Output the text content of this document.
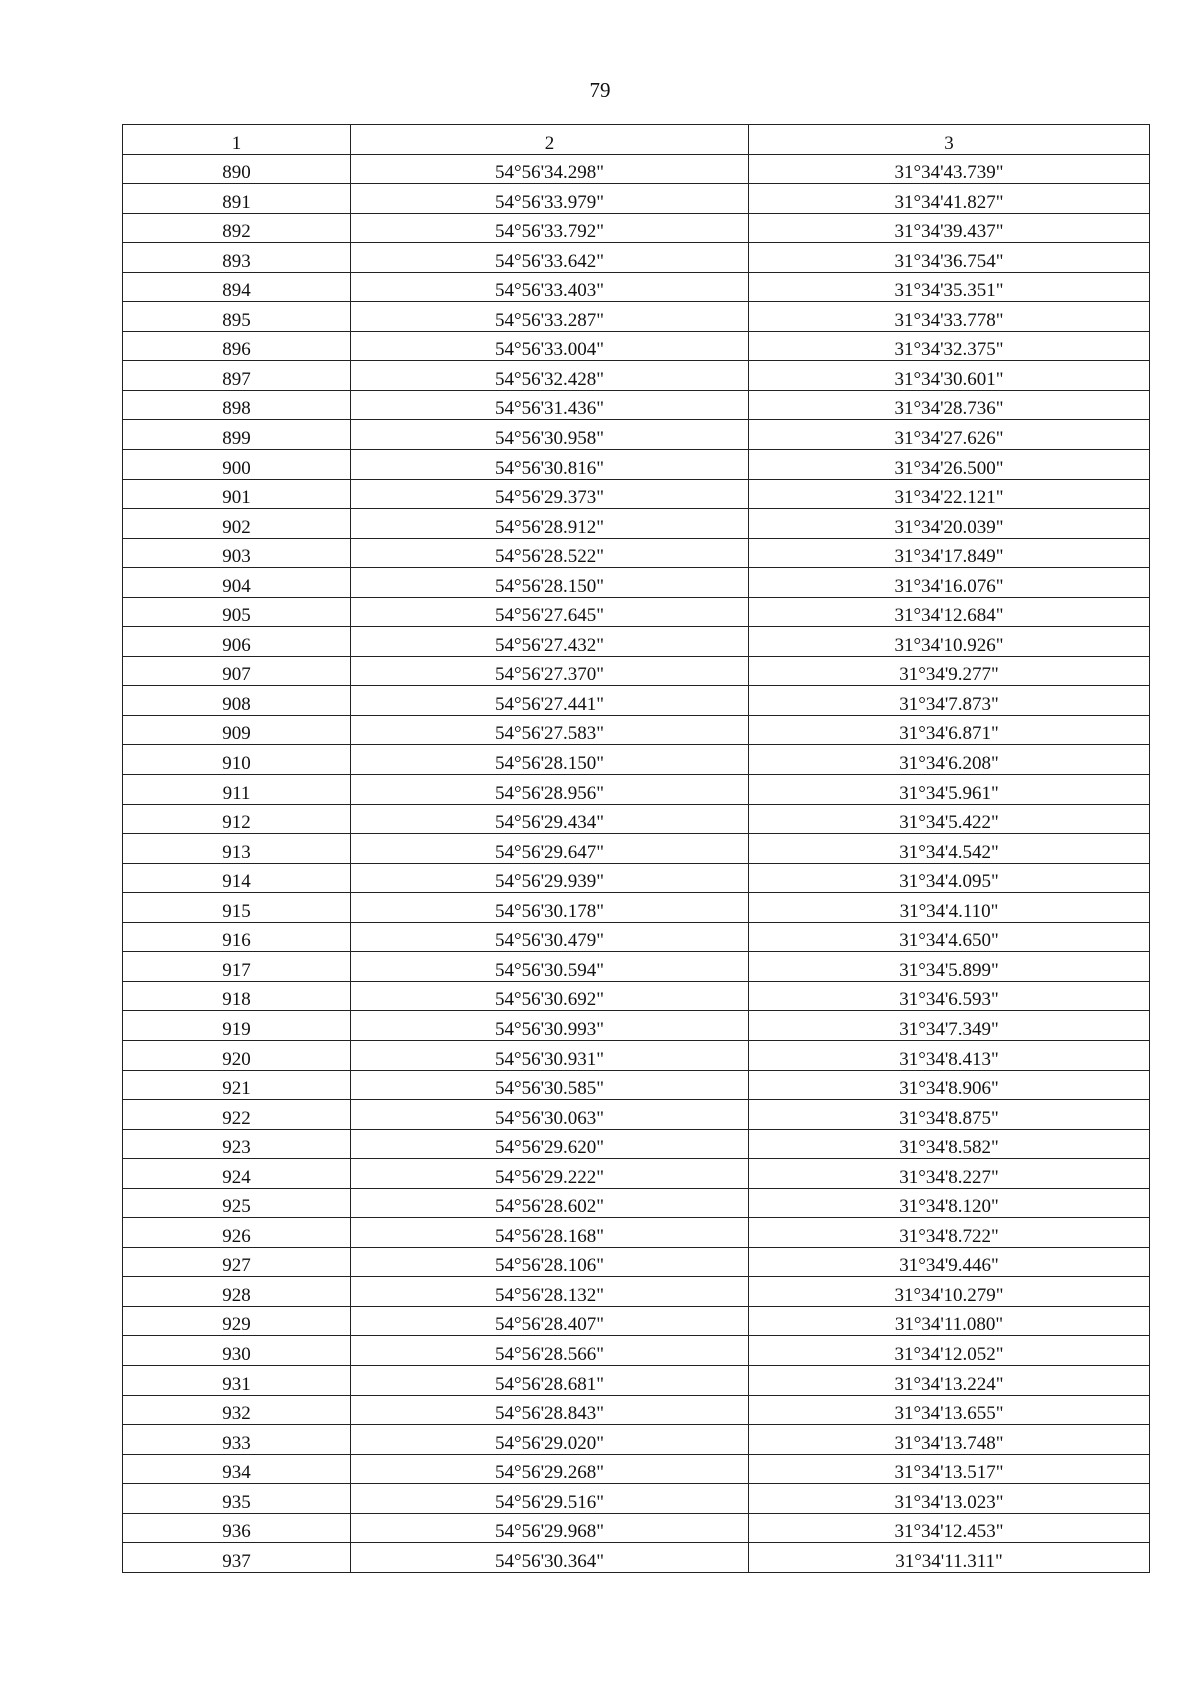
79
1	2	3
890	54°56'34.298"	31°34'43.739"
891	54°56'33.979"	31°34'41.827"
892	54°56'33.792"	31°34'39.437"
893	54°56'33.642"	31°34'36.754"
894	54°56'33.403"	31°34'35.351"
895	54°56'33.287"	31°34'33.778"
896	54°56'33.004"	31°34'32.375"
897	54°56'32.428"	31°34'30.601"
898	54°56'31.436"	31°34'28.736"
899	54°56'30.958"	31°34'27.626"
900	54°56'30.816"	31°34'26.500"
901	54°56'29.373"	31°34'22.121"
902	54°56'28.912"	31°34'20.039"
903	54°56'28.522"	31°34'17.849"
904	54°56'28.150"	31°34'16.076"
905	54°56'27.645"	31°34'12.684"
906	54°56'27.432"	31°34'10.926"
907	54°56'27.370"	31°34'9.277"
908	54°56'27.441"	31°34'7.873"
909	54°56'27.583"	31°34'6.871"
910	54°56'28.150"	31°34'6.208"
911	54°56'28.956"	31°34'5.961"
912	54°56'29.434"	31°34'5.422"
913	54°56'29.647"	31°34'4.542"
914	54°56'29.939"	31°34'4.095"
915	54°56'30.178"	31°34'4.110"
916	54°56'30.479"	31°34'4.650"
917	54°56'30.594"	31°34'5.899"
918	54°56'30.692"	31°34'6.593"
919	54°56'30.993"	31°34'7.349"
920	54°56'30.931"	31°34'8.413"
921	54°56'30.585"	31°34'8.906"
922	54°56'30.063"	31°34'8.875"
923	54°56'29.620"	31°34'8.582"
924	54°56'29.222"	31°34'8.227"
925	54°56'28.602"	31°34'8.120"
926	54°56'28.168"	31°34'8.722"
927	54°56'28.106"	31°34'9.446"
928	54°56'28.132"	31°34'10.279"
929	54°56'28.407"	31°34'11.080"
930	54°56'28.566"	31°34'12.052"
931	54°56'28.681"	31°34'13.224"
932	54°56'28.843"	31°34'13.655"
933	54°56'29.020"	31°34'13.748"
934	54°56'29.268"	31°34'13.517"
935	54°56'29.516"	31°34'13.023"
936	54°56'29.968"	31°34'12.453"
937	54°56'30.364"	31°34'11.311"
